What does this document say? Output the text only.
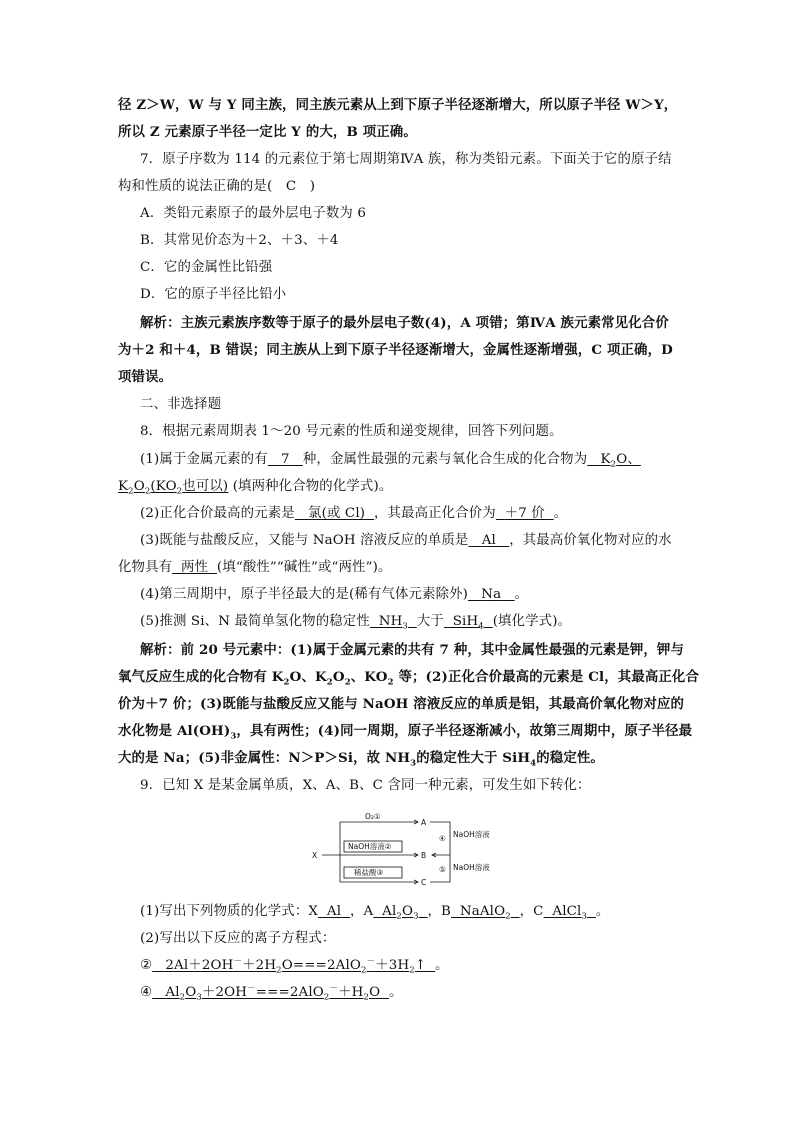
径 Z＞W，W 与 Y 同主族，同主族元素从上到下原子半径逐渐增大，所以原子半径 W＞Y，
所以 Z 元素原子半径一定比 Y 的大，B 项正确。
7．原子序数为 114 的元素位于第七周期第ⅣA 族，称为类铅元素。下面关于它的原子结
构和性质的说法正确的是(　C　)
A．类铅元素原子的最外层电子数为 6
B．其常见价态为＋2、＋3、＋4
C．它的金属性比铅强
D．它的原子半径比铅小
解析：主族元素族序数等于原子的最外层电子数(4)，A 项错；第ⅣA 族元素常见化合价
为＋2 和＋4，B 错误；同主族从上到下原子半径逐渐增大，金属性逐渐增强，C 项正确，D
项错误。
二、非选择题
8．根据元素周期表 1～20 号元素的性质和递变规律，回答下列问题。
(1)属于金属元素的有 7 种，金属性最强的元素与氧化合生成的化合物为   $K_2O$、
$K_2O_2(KO_2$也可以) (填两种化合物的化学式)。
(2)正化合价最高的元素是 氯(或 Cl) ，其最高正化合价为 ＋7 价 。
(3)既能与盐酸反应，又能与 NaOH 溶液反应的单质是 Al ，其最高价氧化物对应的水
化物具有 两性 (填“酸性”“碱性”或“两性”)。
(4)第三周期中，原子半径最大的是(稀有气体元素除外) Na 。
(5)推测 Si、N 最简单氢化物的稳定性  $NH_3$ 大于  SiH$_4$ (填化学式)。
解析：前 20 号元素中：(1)属于金属元素的共有 7 种，其中金属性最强的元素是钾，钾与
氧气反应生成的化合物有 $K_2O$、$K_2O_2$、$KO_2$ 等；(2)正化合价最高的元素是 Cl，其最高正化合
价为＋7 价；(3)既能与盐酸反应又能与 NaOH 溶液反应的单质是铝，其最高价氧化物对应的
水化物是 $Al(OH)_3$，具有两性；(4)同一周期，原子半径逐渐减小，故第三周期中，原子半径最
大的是 Na；(5)非金属性：N＞P＞Si，故 $NH_3$的稳定性大于 SiH$_4$的稳定性。
9．已知 X 是某金属单质，X、A、B、C 含同一种元素，可发生如下转化：
X
O₂①
NaOH溶液②
稀盐酸③
A
B
C
④ NaOH溶液
⑤ NaOH溶液
(1)写出下列物质的化学式：X Al ，A  $Al_2O_3$ ，B  NaAlO$_2$ ，C  AlCl$_3$ 。
(2)写出以下反应的离子方程式：
②   $2Al+2OH^-+2H_2O===2AlO_2^-+3H_2↑$  。
④   $Al_2O_3+2OH^-===2AlO_2^-+H_2O$  。
